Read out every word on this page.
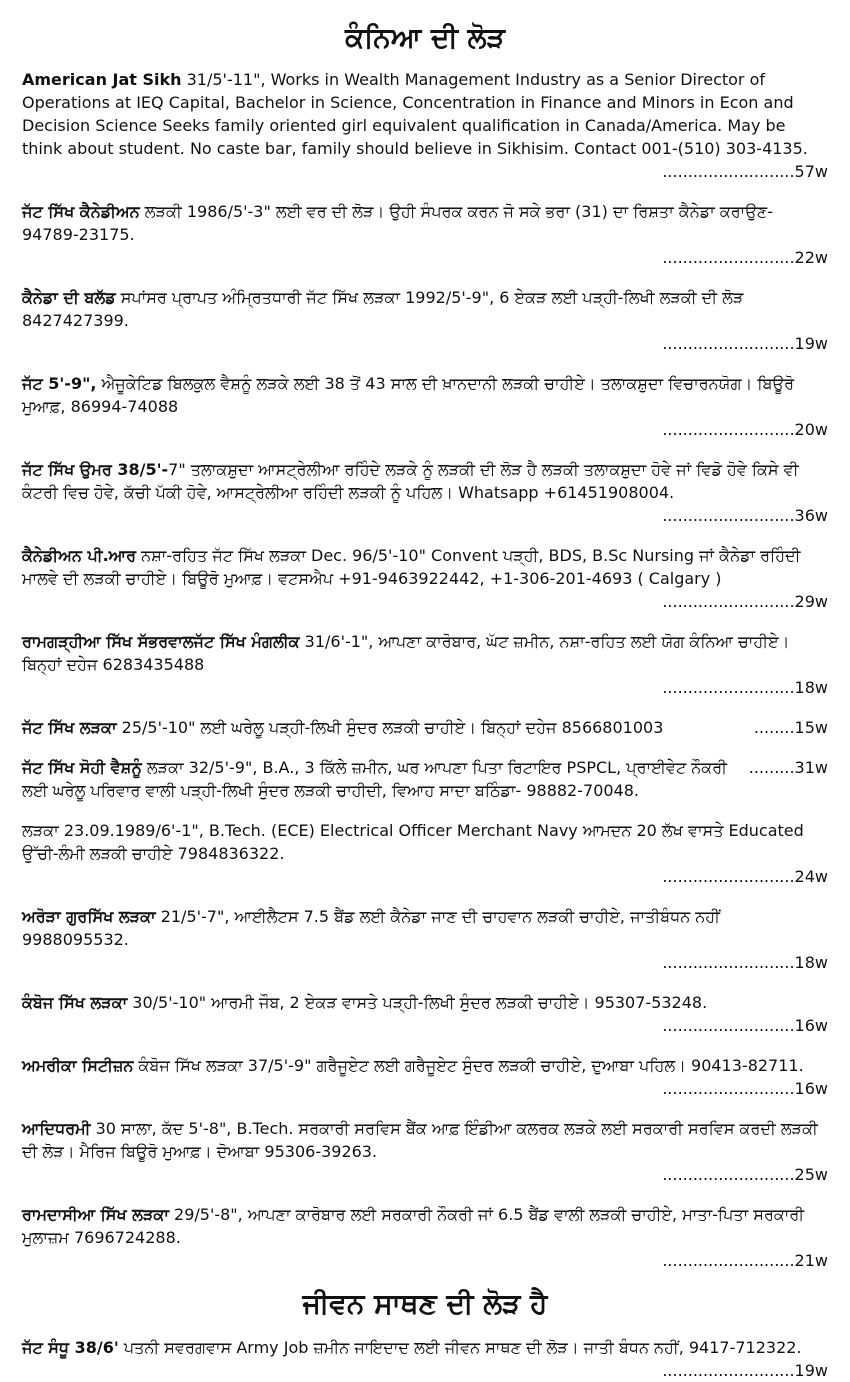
ਕੰਨਿਆ ਦੀ ਲੋੜ

American Jat Sikh 31/5'-11", Works in Wealth Management Industry as a Senior Director of Operations at IEQ Capital, Bachelor in Science, Concentration in Finance and Minors in Econ and Decision Science Seeks family oriented girl equivalent qualification in Canada/America. May be think about student. No caste bar, family should believe in Sikhisim. Contact 001-(510) 303-4135.
..........................57w

ਜੱਟ ਸਿੱਖ ਕੈਨੇਡੀਅਨ ਲੜਕੀ 1986/5'-3" ਲਈ ਵਰ ਦੀ ਲੋੜ। ਉਹੀ ਸੰਪਰਕ ਕਰਨ ਜੋ ਸਕੇ ਭਰਾ (31) ਦਾ ਰਿਸ਼ਤਾ ਕੈਨੇਡਾ ਕਰਾਉਣ- 94789-23175.
..........................22w

ਕੈਨੇਡਾ ਦੀ ਬਲੱਡ ਸਪਾਂਸਰ ਪ੍ਰਾਪਤ ਅੰਮ੍ਰਿਤਧਾਰੀ ਜੱਟ ਸਿੱਖ ਲੜਕਾ 1992/5'-9", 6 ਏਕੜ ਲਈ ਪੜ੍ਹੀ-ਲਿਖੀ ਲੜਕੀ ਦੀ ਲੋੜ 8427427399.
..........................19w

ਜੱਟ 5'-9", ਐਜੂਕੇਟਿਡ ਬਿਲਕੁਲ ਵੈਸ਼ਨੂੰ ਲੜਕੇ ਲਈ 38 ਤੋਂ 43 ਸਾਲ ਦੀ ਖ਼ਾਨਦਾਨੀ ਲੜਕੀ ਚਾਹੀਏ। ਤਲਾਕਸ਼ੁਦਾ ਵਿਚਾਰਨਯੋਗ। ਬਿਊਰੋ ਮੁਆਫ਼, 86994-74088
..........................20w

ਜੱਟ ਸਿੱਖ ਉਮਰ 38/5'-7" ਤਲਾਕਸ਼ੁਦਾ ਆਸਟ੍ਰੇਲੀਆ ਰਹਿੰਦੇ ਲੜਕੇ ਨੂੰ ਲੜਕੀ ਦੀ ਲੋੜ ਹੈ ਲੜਕੀ ਤਲਾਕਸ਼ੁਦਾ ਹੋਵੇ ਜਾਂ ਵਿਡੋ ਹੋਵੇ ਕਿਸੇ ਵੀ ਕੰਟਰੀ ਵਿਚ ਹੋਵੇ, ਕੱਚੀ ਪੱਕੀ ਹੋਵੇ, ਆਸਟ੍ਰੇਲੀਆ ਰਹਿੰਦੀ ਲੜਕੀ ਨੂੰ ਪਹਿਲ। Whatsapp +61451908004.
..........................36w

ਕੈਨੇਡੀਅਨ ਪੀ.ਆਰ ਨਸ਼ਾ-ਰਹਿਤ ਜੱਟ ਸਿੱਖ ਲੜਕਾ Dec. 96/5'-10" Convent ਪੜ੍ਹੀ, BDS, B.Sc Nursing ਜਾਂ ਕੈਨੇਡਾ ਰਹਿੰਦੀ ਮਾਲਵੇ ਦੀ ਲੜਕੀ ਚਾਹੀਏ। ਬਿਊਰੋ ਮੁਆਫ਼। ਵਟਸਐਪ +91-9463922442, +1-306-201-4693 ( Calgary )
..........................29w

ਰਾਮਗੜ੍ਹੀਆ ਸਿੱਖ ਸੱਭਰਵਾਲਜੱਟ ਸਿੱਖ ਮੰਗਲੀਕ 31/6'-1", ਆਪਣਾ ਕਾਰੋਬਾਰ, ਘੱਟ ਜ਼ਮੀਨ, ਨਸ਼ਾ-ਰਹਿਤ ਲਈ ਯੋਗ ਕੰਨਿਆ ਚਾਹੀਏ। ਬਿਨ੍ਹਾਂ ਦਹੇਜ 6283435488
..........................18w

........15w
ਜੱਟ ਸਿੱਖ ਲੜਕਾ 25/5'-10" ਲਈ ਘਰੇਲੂ ਪੜ੍ਹੀ-ਲਿਖੀ ਸੁੰਦਰ ਲੜਕੀ ਚਾਹੀਏ। ਬਿਨ੍ਹਾਂ ਦਹੇਜ 8566801003

.........31w
ਜੱਟ ਸਿੱਖ ਸੋਹੀ ਵੈਸ਼ਨੂੰ ਲੜਕਾ 32/5'-9", B.A., 3 ਕਿੱਲੇ ਜ਼ਮੀਨ, ਘਰ ਆਪਣਾ ਪਿਤਾ ਰਿਟਾਇਰ PSPCL, ਪ੍ਰਾਈਵੇਟ ਨੌਕਰੀ ਲਈ ਘਰੇਲੂ ਪਰਿਵਾਰ ਵਾਲੀ ਪੜ੍ਹੀ-ਲਿਖੀ ਸੁੰਦਰ ਲੜਕੀ ਚਾਹੀਦੀ, ਵਿਆਹ ਸਾਦਾ ਬਠਿੰਡਾ- 98882-70048.

ਲੜਕਾ 23.09.1989/6'-1", B.Tech. (ECE) Electrical Officer Merchant Navy ਆਮਦਨ 20 ਲੱਖ ਵਾਸਤੇ Educated ਉੱਚੀ-ਲੰਮੀ ਲੜਕੀ ਚਾਹੀਏ 7984836322.
..........................24w

ਅਰੋੜਾ ਗੁਰਸਿੱਖ ਲੜਕਾ 21/5'-7", ਆਈਲੈਟਸ 7.5 ਬੈਂਡ ਲਈ ਕੈਨੇਡਾ ਜਾਣ ਦੀ ਚਾਹਵਾਨ ਲੜਕੀ ਚਾਹੀਏ, ਜਾਤੀਬੰਧਨ ਨਹੀਂ 9988095532.
..........................18w

ਕੰਬੋਜ ਸਿੱਖ ਲੜਕਾ 30/5'-10" ਆਰਮੀ ਜੌਬ, 2 ਏਕੜ ਵਾਸਤੇ ਪੜ੍ਹੀ-ਲਿਖੀ ਸੁੰਦਰ ਲੜਕੀ ਚਾਹੀਏ। 95307-53248.
..........................16w

ਅਮਰੀਕਾ ਸਿਟੀਜ਼ਨ ਕੰਬੋਜ ਸਿੱਖ ਲੜਕਾ 37/5'-9" ਗਰੈਜੂਏਟ ਲਈ ਗਰੈਜੂਏਟ ਸੁੰਦਰ ਲੜਕੀ ਚਾਹੀਏ, ਦੁਆਬਾ ਪਹਿਲ। 90413-82711.
..........................16w

ਆਦਿਧਰਮੀ 30 ਸਾਲਾ, ਕੱਦ 5'-8", B.Tech. ਸਰਕਾਰੀ ਸਰਵਿਸ ਬੈਂਕ ਆਫ਼ ਇੰਡੀਆ ਕਲਰਕ ਲੜਕੇ ਲਈ ਸਰਕਾਰੀ ਸਰਵਿਸ ਕਰਦੀ ਲੜਕੀ ਦੀ ਲੋੜ। ਮੈਰਿਜ ਬਿਊਰੋ ਮੁਆਫ਼। ਦੋਆਬਾ 95306-39263.
..........................25w

ਰਾਮਦਾਸੀਆ ਸਿੱਖ ਲੜਕਾ 29/5'-8", ਆਪਣਾ ਕਾਰੋਬਾਰ ਲਈ ਸਰਕਾਰੀ ਨੌਕਰੀ ਜਾਂ 6.5 ਬੈਂਡ ਵਾਲੀ ਲੜਕੀ ਚਾਹੀਏ, ਮਾਤਾ-ਪਿਤਾ ਸਰਕਾਰੀ ਮੁਲਾਜ਼ਮ 7696724288.
..........................21w

ਜੀਵਨ ਸਾਥਣ ਦੀ ਲੋੜ ਹੈ

ਜੱਟ ਸੰਧੂ 38/6' ਪਤਨੀ ਸਵਰਗਵਾਸ Army Job ਜ਼ਮੀਨ ਜਾਇਦਾਦ ਲਈ ਜੀਵਨ ਸਾਥਣ ਦੀ ਲੋੜ। ਜਾਤੀ ਬੰਧਨ ਨਹੀਂ, 9417-712322.
..........................19w
